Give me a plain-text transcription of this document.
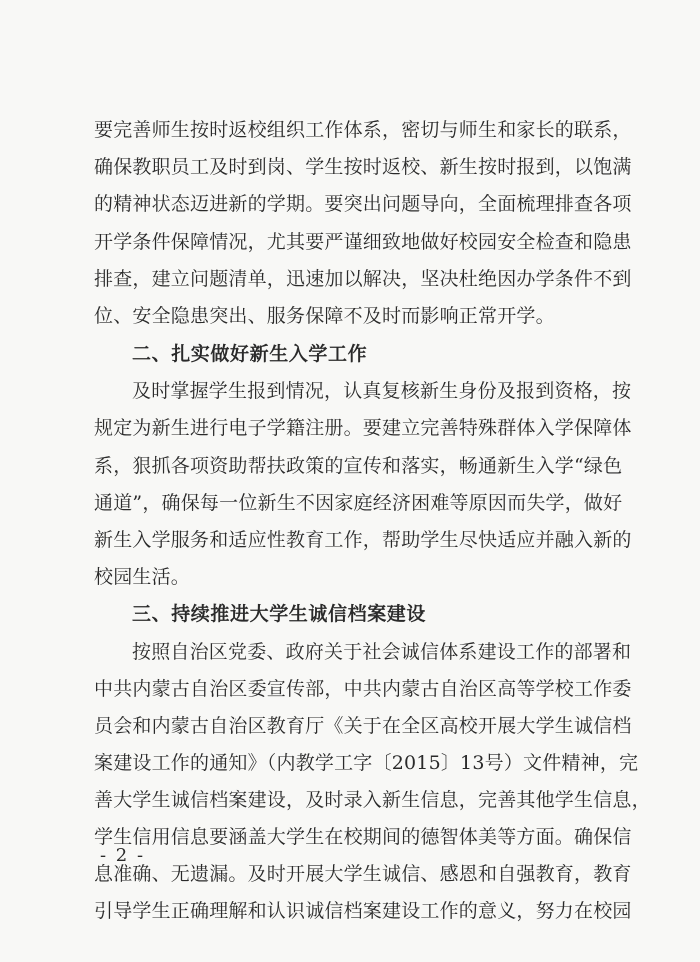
要完善师生按时返校组织工作体系，密切与师生和家长的联系，
确保教职员工及时到岗、学生按时返校、新生按时报到，以饱满
的精神状态迈进新的学期。要突出问题导向，全面梳理排查各项
开学条件保障情况，尤其要严谨细致地做好校园安全检查和隐患
排查，建立问题清单，迅速加以解决，坚决杜绝因办学条件不到
位、安全隐患突出、服务保障不及时而影响正常开学。
二、扎实做好新生入学工作
及时掌握学生报到情况，认真复核新生身份及报到资格，按
规定为新生进行电子学籍注册。要建立完善特殊群体入学保障体
系，狠抓各项资助帮扶政策的宣传和落实，畅通新生入学“绿色
通道”，确保每一位新生不因家庭经济困难等原因而失学，做好
新生入学服务和适应性教育工作，帮助学生尽快适应并融入新的
校园生活。
三、持续推进大学生诚信档案建设
按照自治区党委、政府关于社会诚信体系建设工作的部署和
中共内蒙古自治区委宣传部，中共内蒙古自治区高等学校工作委
员会和内蒙古自治区教育厅《关于在全区高校开展大学生诚信档
案建设工作的通知》（内教学工字〔2015〕13号）文件精神，完
善大学生诚信档案建设，及时录入新生信息，完善其他学生信息，
学生信用信息要涵盖大学生在校期间的德智体美等方面。确保信
息准确、无遗漏。及时开展大学生诚信、感恩和自强教育，教育
引导学生正确理解和认识诚信档案建设工作的意义，努力在校园
- 2 -
